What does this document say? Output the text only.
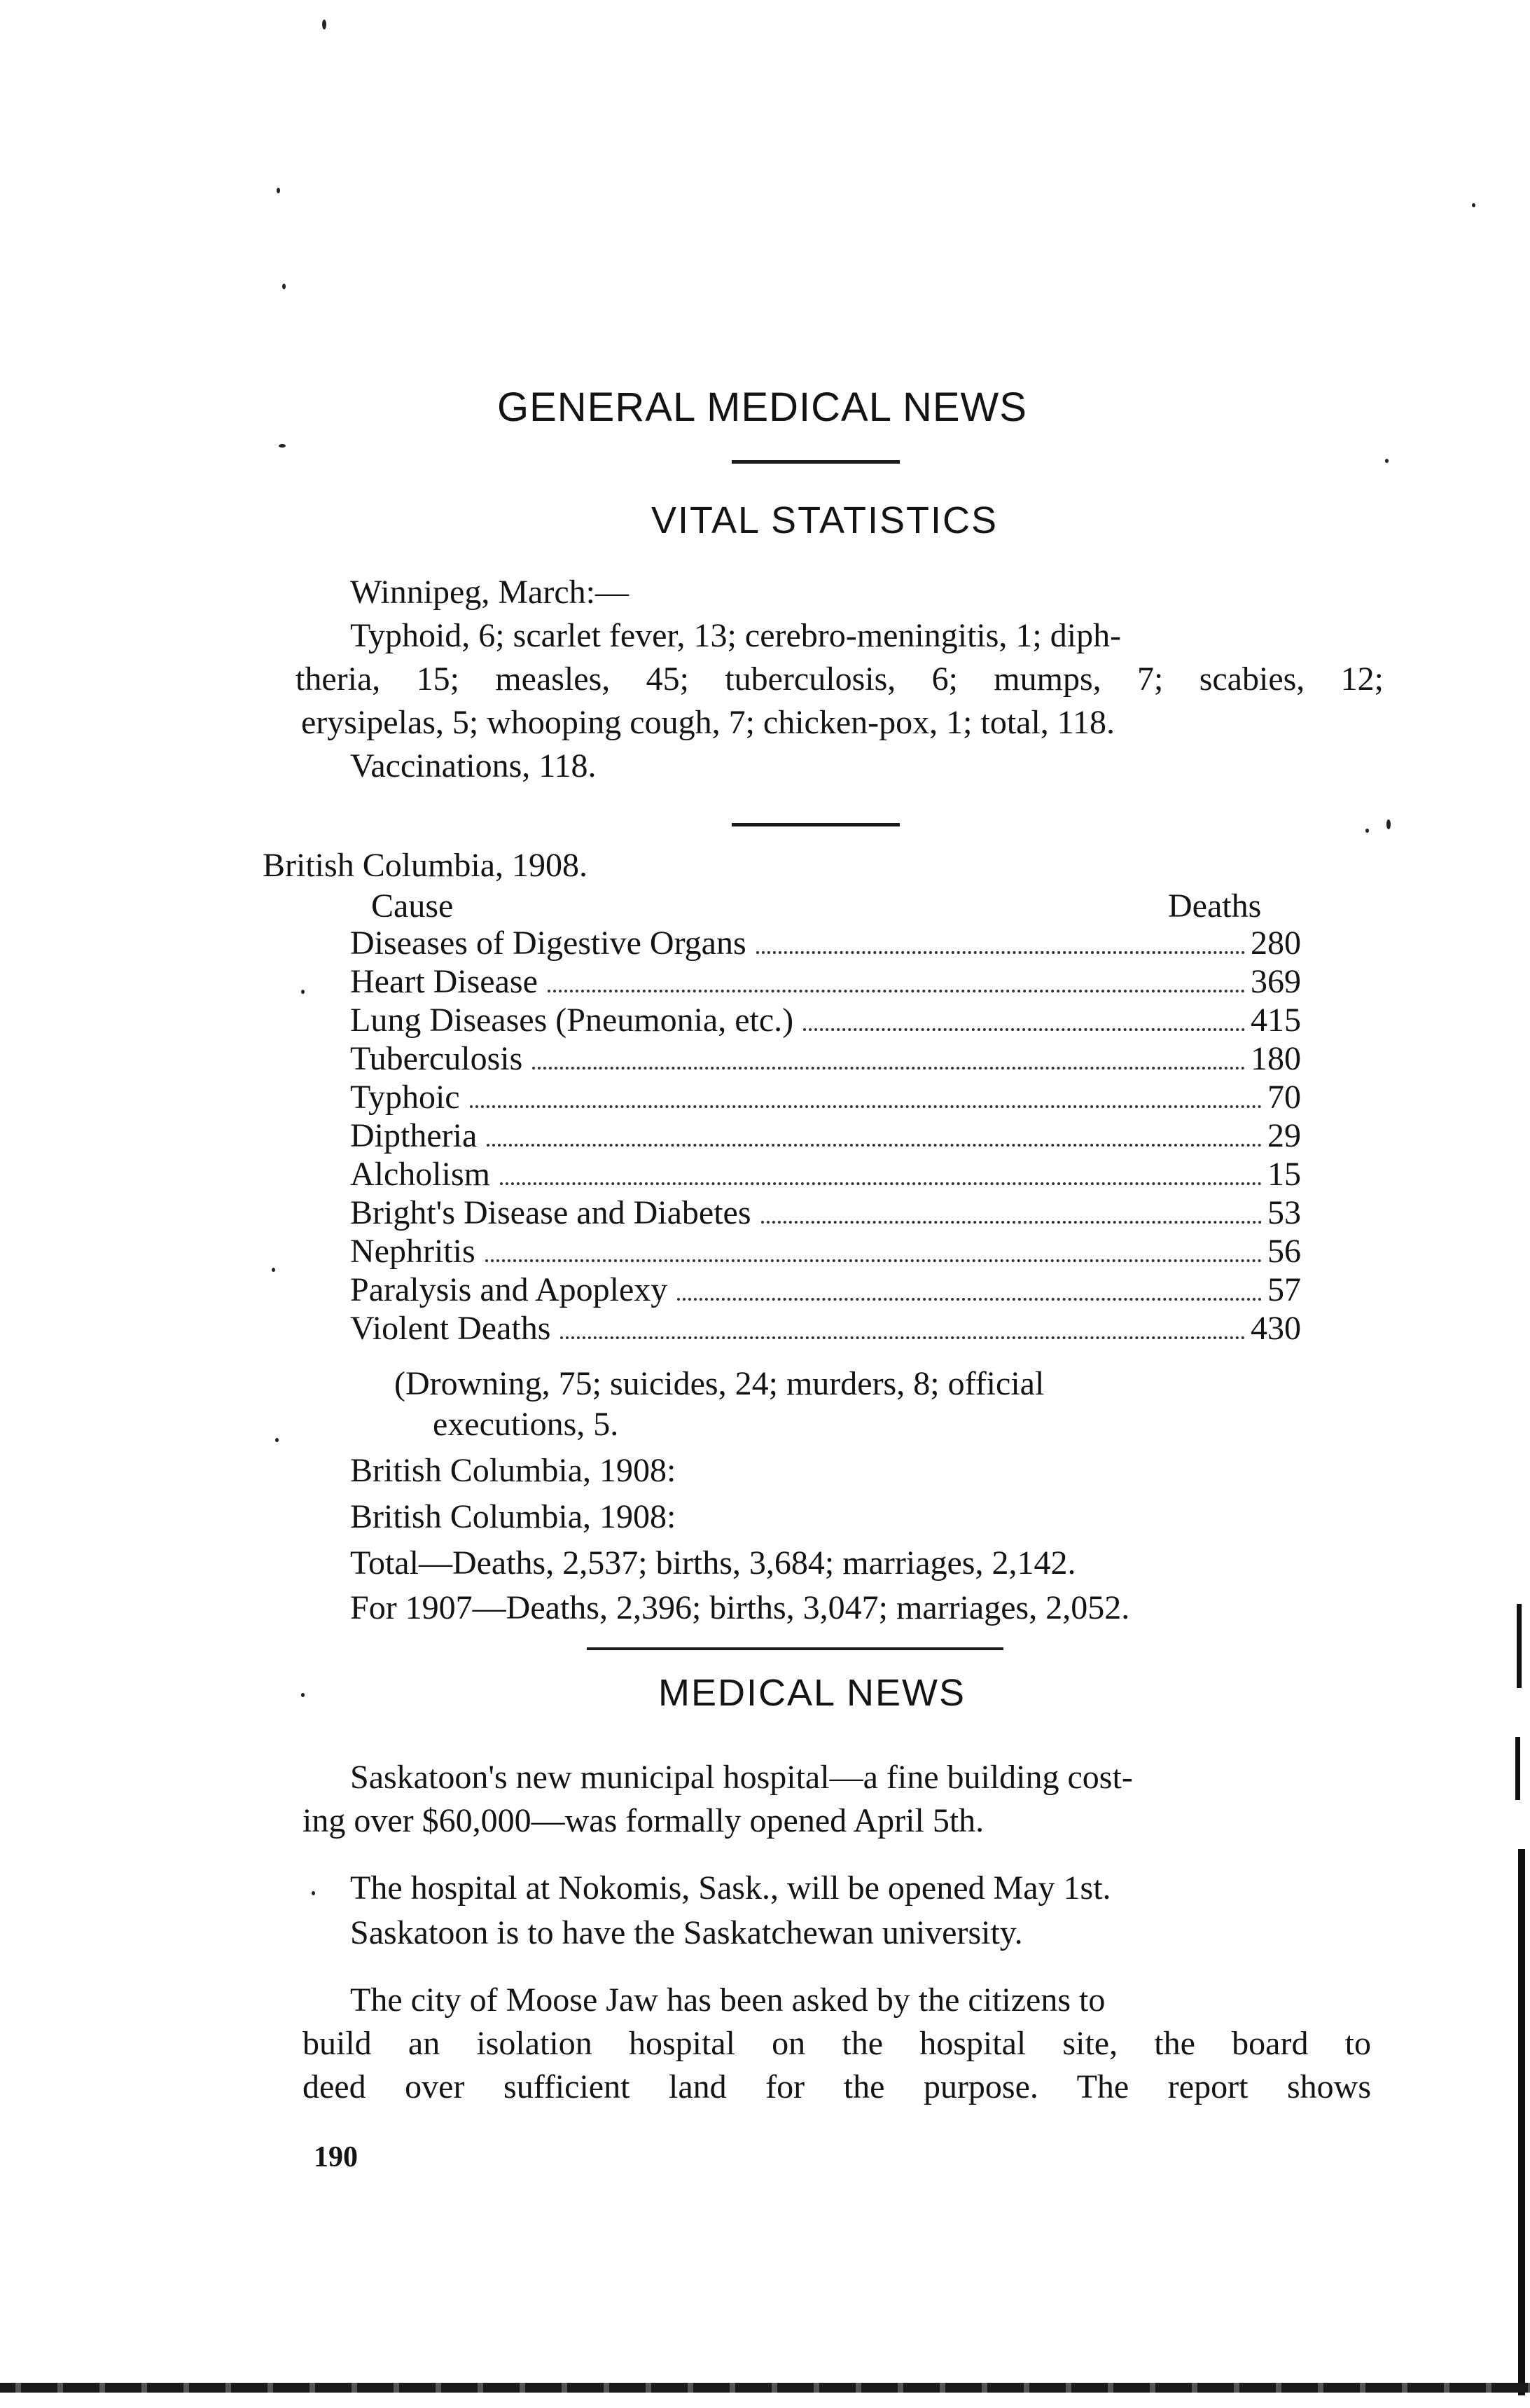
GENERAL MEDICAL NEWS
VITAL STATISTICS
Winnipeg, March:—
Typhoid, 6; scarlet fever, 13; cerebro-meningitis, 1; diph-
theria, 15; measles, 45; tuberculosis, 6; mumps, 7; scabies, 12;
erysipelas, 5; whooping cough, 7; chicken-pox, 1; total, 118.
Vaccinations, 118.
British Columbia, 1908.
Cause	Deaths
Diseases of Digestive Organs	280
Heart Disease	369
Lung Diseases (Pneumonia, etc.)	415
Tuberculosis	180
Typhoic	70
Diptheria	29
Alcholism	15
Bright's Disease and Diabetes	53
Nephritis	56
Paralysis and Apoplexy	57
Violent Deaths	430
(Drowning, 75; suicides, 24; murders, 8; official
executions, 5.
British Columbia, 1908:
British Columbia, 1908:
Total—Deaths, 2,537; births, 3,684; marriages, 2,142.
For 1907—Deaths, 2,396; births, 3,047; marriages, 2,052.
MEDICAL NEWS
Saskatoon's new municipal hospital—a fine building cost-
ing over $60,000—was formally opened April 5th.
The hospital at Nokomis, Sask., will be opened May 1st.
Saskatoon is to have the Saskatchewan university.
The city of Moose Jaw has been asked by the citizens to
build an isolation hospital on the hospital site, the board to
deed over sufficient land for the purpose. The report shows
190
